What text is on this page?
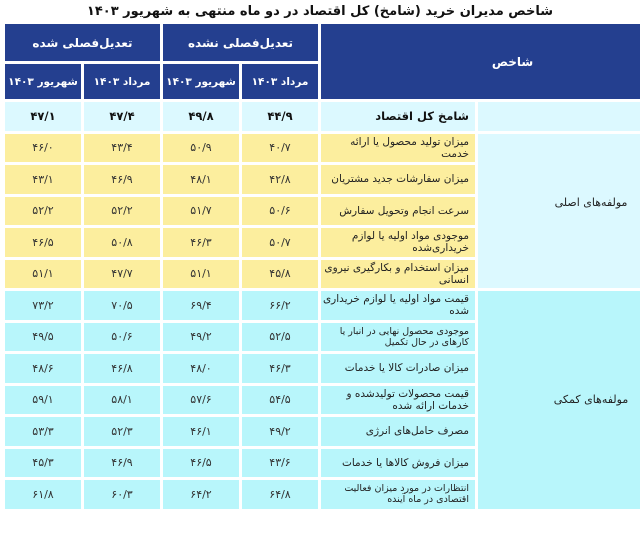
شاخص مدیران خرید (شامخ) کل اقتصاد در دو ماه منتهی به شهریور ۱۴۰۳
تعدیل‌فصلی شده	تعدیل‌فصلی نشده
شاخص
شهریور ۱۴۰۳	مرداد ۱۴۰۳	شهریور ۱۴۰۳	مرداد ۱۴۰۳
۴۷/۱	۴۷/۴	۴۹/۸	۴۴/۹	شامخ کل اقتصاد
مولفه‌های اصلی
۴۶/۰	۴۳/۴	۵۰/۹	۴۰/۷	میزان تولید محصول یا ارائه خدمت
۴۳/۱	۴۶/۹	۴۸/۱	۴۲/۸	میزان سفارشات جدید مشتریان
۵۲/۲	۵۲/۲	۵۱/۷	۵۰/۶	سرعت انجام وتحویل سفارش
۴۶/۵	۵۰/۸	۴۶/۳	۵۰/۷	موجودی مواد اولیه یا لوازم خریداری‌شده
۵۱/۱	۴۷/۷	۵۱/۱	۴۵/۸	میزان استخدام و بکارگیری نیروی انسانی
مولفه‌های کمکی
۷۳/۲	۷۰/۵	۶۹/۴	۶۶/۲	قیمت مواد اولیه یا لوازم خریداری شده
۴۹/۵	۵۰/۶	۴۹/۲	۵۲/۵	موجودی محصول نهایی در انبار یا کارهای در حال تکمیل
۴۸/۶	۴۶/۸	۴۸/۰	۴۶/۳	میزان صادرات کالا یا خدمات
۵۹/۱	۵۸/۱	۵۷/۶	۵۴/۵	قیمت محصولات تولیدشده و خدمات ارائه شده
۵۳/۳	۵۲/۳	۴۶/۱	۴۹/۲	مصرف حامل‌های انرژی
۴۵/۳	۴۶/۹	۴۶/۵	۴۳/۶	میزان فروش کالاها یا خدمات
۶۱/۸	۶۰/۳	۶۴/۲	۶۴/۸	انتظارات در مورد میزان فعالیت اقتصادی در ماه آینده
